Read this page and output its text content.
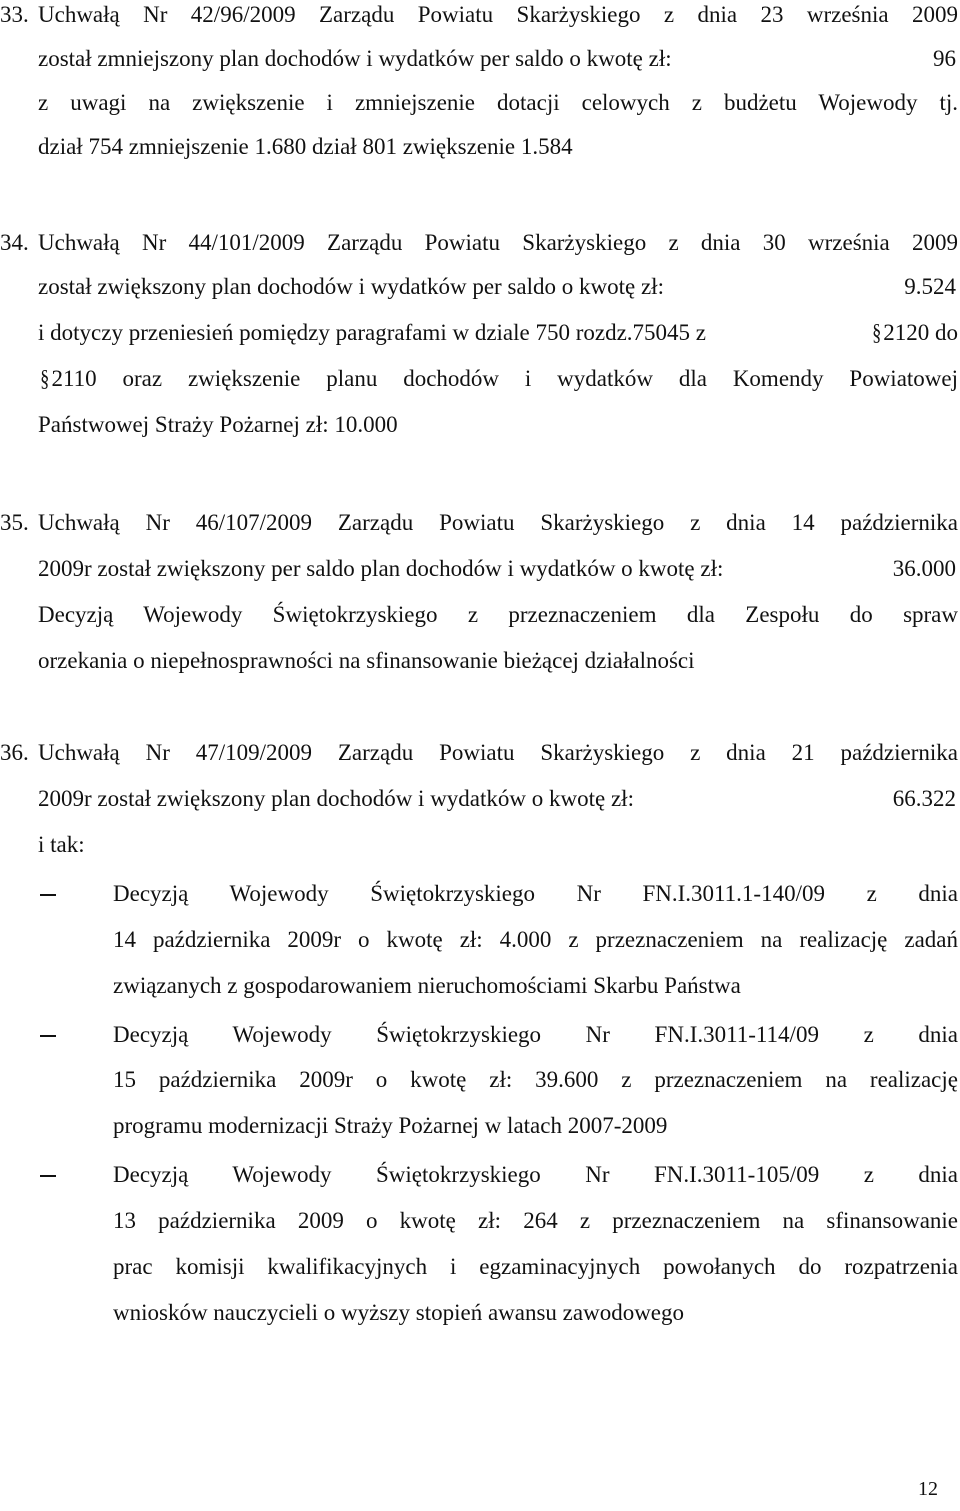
33. Uchwałą Nr 42/96/2009 Zarządu Powiatu Skarżyskiego z dnia 23 września 2009
został zmniejszony plan dochodów i wydatków per saldo o kwotę zł:	96
z uwagi na zwiększenie i zmniejszenie dotacji celowych z budżetu Wojewody tj.
dział 754 zmniejszenie 1.680 dział 801 zwiększenie 1.584
34. Uchwałą Nr 44/101/2009 Zarządu Powiatu Skarżyskiego z dnia 30 września 2009
został zwiększony plan dochodów i wydatków per saldo o kwotę zł:	9.524
i dotyczy przeniesień pomiędzy paragrafami w dziale 750 rozdz.75045 z	§2120 do
§ 2110 oraz zwiększenie planu dochodów i wydatków dla Komendy Powiatowej
Państwowej Straży Pożarnej zł: 10.000
35. Uchwałą Nr 46/107/2009 Zarządu Powiatu Skarżyskiego z dnia 14 października
2009r został zwiększony per saldo plan dochodów i wydatków o kwotę zł:	36.000
Decyzją Wojewody Świętokrzyskiego z przeznaczeniem dla Zespołu do spraw
orzekania o niepełnosprawności na sfinansowanie bieżącej działalności
36. Uchwałą Nr 47/109/2009 Zarządu Powiatu Skarżyskiego z dnia 21 października
2009r został zwiększony plan dochodów i wydatków o kwotę zł:	66.322
i tak:
Decyzją Wojewody Świętokrzyskiego Nr FN.I.3011.1-140/09 z dnia
14 października 2009r o kwotę zł: 4.000 z przeznaczeniem na realizację zadań
związanych z gospodarowaniem nieruchomościami Skarbu Państwa
Decyzją Wojewody Świętokrzyskiego Nr FN.I.3011-114/09 z dnia
15 października 2009r o kwotę zł: 39.600 z przeznaczeniem na realizację
programu modernizacji Straży Pożarnej w latach 2007-2009
Decyzją Wojewody Świętokrzyskiego Nr FN.I.3011-105/09 z dnia
13 października 2009 o kwotę zł: 264 z przeznaczeniem na sfinansowanie
prac komisji kwalifikacyjnych i egzaminacyjnych powołanych do rozpatrzenia
wniosków nauczycieli o wyższy stopień awansu zawodowego
12
